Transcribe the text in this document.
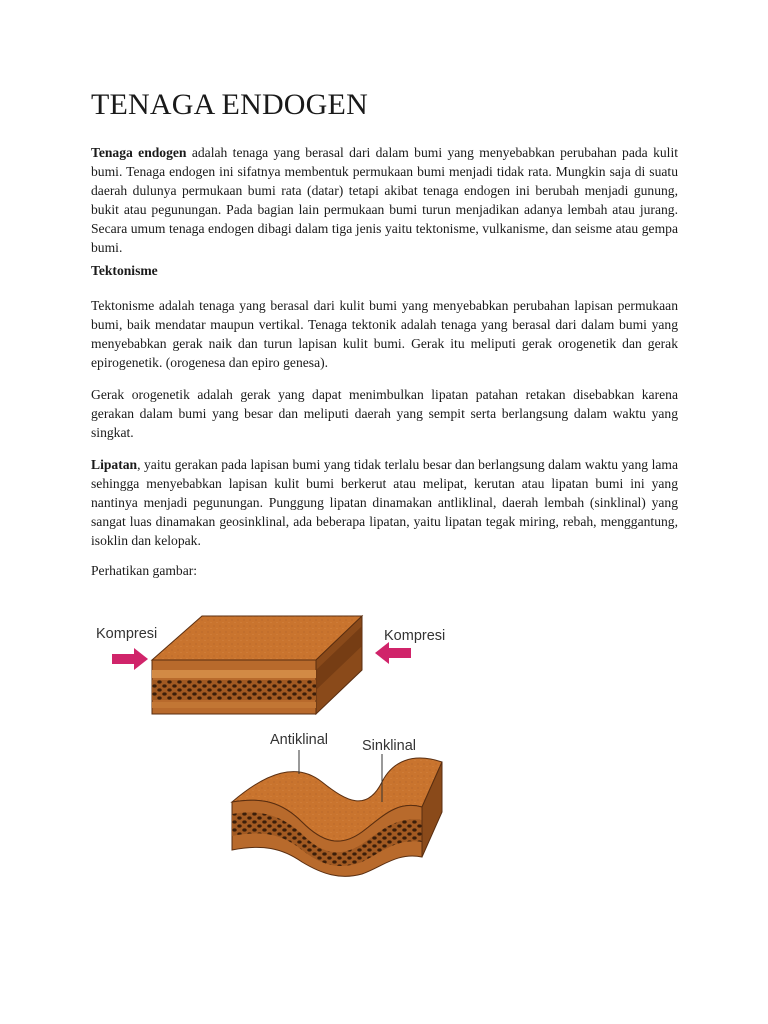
TENAGA ENDOGEN

Tenaga endogen adalah tenaga yang berasal dari dalam bumi yang menyebabkan perubahan pada kulit bumi. Tenaga endogen ini sifatnya membentuk permukaan bumi menjadi tidak rata. Mungkin saja di suatu daerah dulunya permukaan bumi rata (datar) tetapi akibat tenaga endogen ini berubah menjadi gunung, bukit atau pegunungan. Pada bagian lain permukaan bumi turun menjadikan adanya lembah atau jurang. Secara umum tenaga endogen dibagi dalam tiga jenis yaitu tektonisme, vulkanisme, dan seisme atau gempa bumi.

Tektonisme

Tektonisme adalah tenaga yang berasal dari kulit bumi yang menyebabkan perubahan lapisan permukaan bumi, baik mendatar maupun vertikal. Tenaga tektonik adalah tenaga yang berasal dari dalam bumi yang menyebabkan gerak naik dan turun lapisan kulit bumi. Gerak itu meliputi gerak orogenetik dan gerak epirogenetik. (orogenesa dan epiro genesa).

Gerak orogenetik adalah gerak yang dapat menimbulkan lipatan patahan retakan disebabkan karena gerakan dalam bumi yang besar dan meliputi daerah yang sempit serta berlangsung dalam waktu yang singkat.

Lipatan, yaitu gerakan pada lapisan bumi yang tidak terlalu besar dan berlangsung dalam waktu yang lama sehingga menyebabkan lapisan kulit bumi berkerut atau melipat, kerutan atau lipatan bumi ini yang nantinya menjadi pegunungan. Punggung lipatan dinamakan antliklinal, daerah lembah (sinklinal) yang sangat luas dinamakan geosinklinal, ada beberapa lipatan, yaitu lipatan tegak miring, rebah, menggantung, isoklin dan kelopak.

Perhatikan gambar:

Kompresi	Kompresi
Antiklinal Sinklinal
